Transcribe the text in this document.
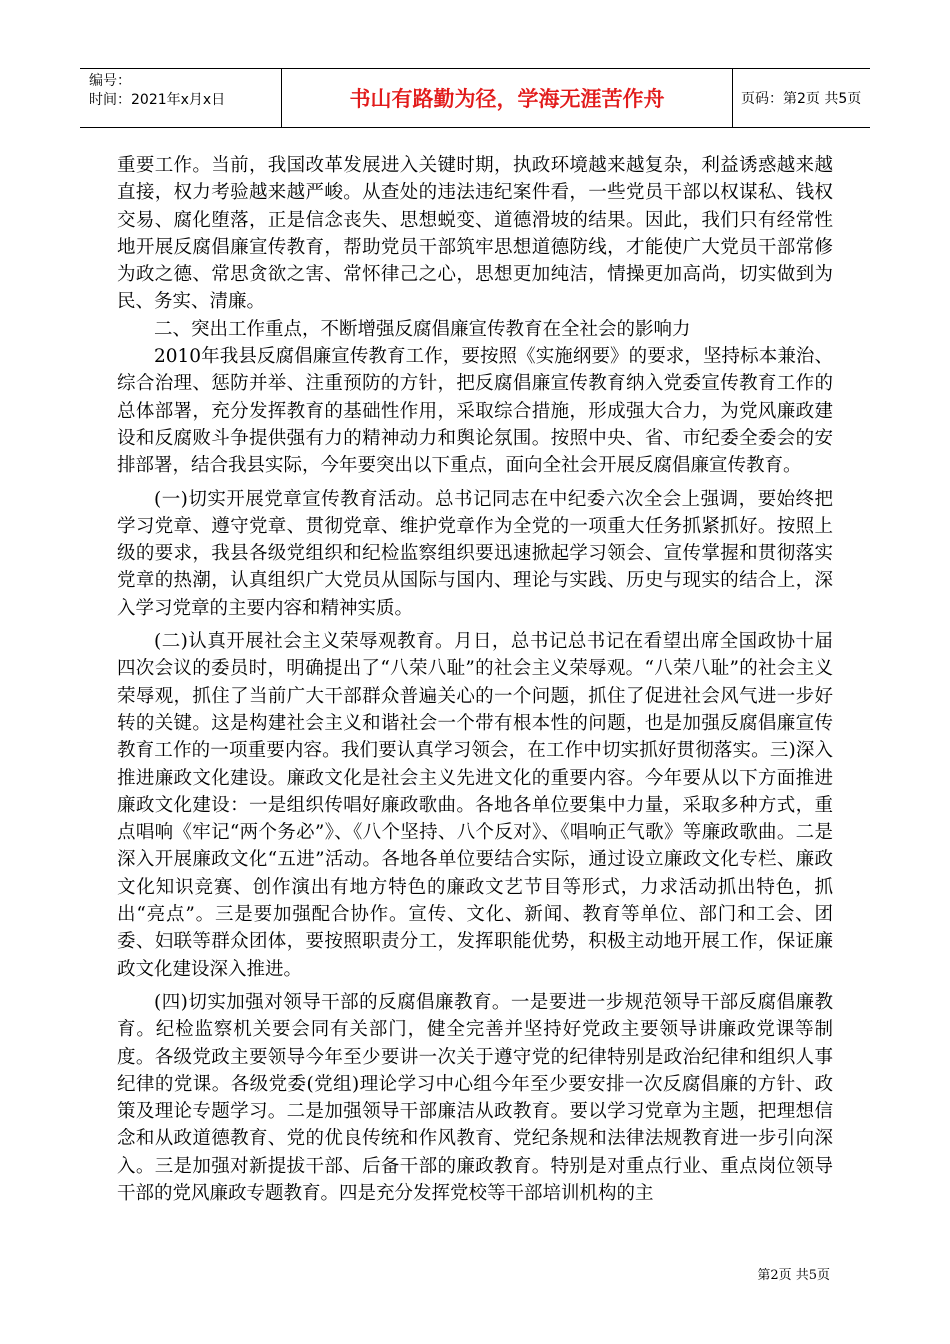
编号：
时间：2021年x月x日	书山有路勤为径，学海无涯苦作舟	页码：第2页 共5页

重要工作。当前，我国改革发展进入关键时期，执政环境越来越复杂，利益诱惑越来越直接，权力考验越来越严峻。从查处的违法违纪案件看，一些党员干部以权谋私、钱权交易、腐化堕落，正是信念丧失、思想蜕变、道德滑坡的结果。因此，我们只有经常性地开展反腐倡廉宣传教育，帮助党员干部筑牢思想道德防线，才能使广大党员干部常修为政之德、常思贪欲之害、常怀律己之心，思想更加纯洁，情操更加高尚，切实做到为民、务实、清廉。

二、突出工作重点，不断增强反腐倡廉宣传教育在全社会的影响力

2010年我县反腐倡廉宣传教育工作，要按照《实施纲要》的要求，坚持标本兼治、综合治理、惩防并举、注重预防的方针，把反腐倡廉宣传教育纳入党委宣传教育工作的总体部署，充分发挥教育的基础性作用，采取综合措施，形成强大合力，为党风廉政建设和反腐败斗争提供强有力的精神动力和舆论氛围。按照中央、省、市纪委全委会的安排部署，结合我县实际，今年要突出以下重点，面向全社会开展反腐倡廉宣传教育。

(一)切实开展党章宣传教育活动。总书记同志在中纪委六次全会上强调，要始终把学习党章、遵守党章、贯彻党章、维护党章作为全党的一项重大任务抓紧抓好。按照上级的要求，我县各级党组织和纪检监察组织要迅速掀起学习领会、宣传掌握和贯彻落实党章的热潮，认真组织广大党员从国际与国内、理论与实践、历史与现实的结合上，深入学习党章的主要内容和精神实质。

(二)认真开展社会主义荣辱观教育。月日，总书记总书记在看望出席全国政协十届四次会议的委员时，明确提出了“八荣八耻”的社会主义荣辱观。“八荣八耻”的社会主义荣辱观，抓住了当前广大干部群众普遍关心的一个问题，抓住了促进社会风气进一步好转的关键。这是构建社会主义和谐社会一个带有根本性的问题，也是加强反腐倡廉宣传教育工作的一项重要内容。我们要认真学习领会，在工作中切实抓好贯彻落实。三)深入推进廉政文化建设。廉政文化是社会主义先进文化的重要内容。今年要从以下方面推进廉政文化建设：一是组织传唱好廉政歌曲。各地各单位要集中力量，采取多种方式，重点唱响《牢记“两个务必”》、《八个坚持、八个反对》、《唱响正气歌》等廉政歌曲。二是深入开展廉政文化“五进”活动。各地各单位要结合实际，通过设立廉政文化专栏、廉政文化知识竞赛、创作演出有地方特色的廉政文艺节目等形式，力求活动抓出特色，抓出“亮点”。三是要加强配合协作。宣传、文化、新闻、教育等单位、部门和工会、团委、妇联等群众团体，要按照职责分工，发挥职能优势，积极主动地开展工作，保证廉政文化建设深入推进。

(四)切实加强对领导干部的反腐倡廉教育。一是要进一步规范领导干部反腐倡廉教育。纪检监察机关要会同有关部门，健全完善并坚持好党政主要领导讲廉政党课等制度。各级党政主要领导今年至少要讲一次关于遵守党的纪律特别是政治纪律和组织人事纪律的党课。各级党委(党组)理论学习中心组今年至少要安排一次反腐倡廉的方针、政策及理论专题学习。二是加强领导干部廉洁从政教育。要以学习党章为主题，把理想信念和从政道德教育、党的优良传统和作风教育、党纪条规和法律法规教育进一步引向深入。三是加强对新提拔干部、后备干部的廉政教育。特别是对重点行业、重点岗位领导干部的党风廉政专题教育。四是充分发挥党校等干部培训机构的主

第2页 共5页
